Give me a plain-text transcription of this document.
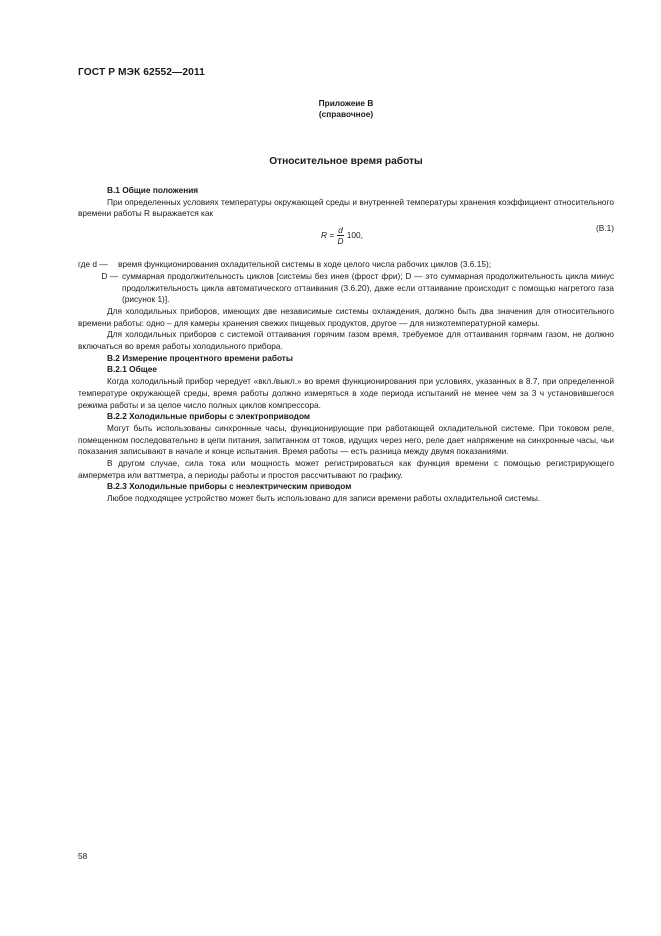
ГОСТ Р МЭК 62552—2011
Приложеие В
(справочное)
Относительное время работы

В.1 Общие положения

При определенных условиях температуры окружающей среды и внутренней температуры хранения коэффициент относительного времени работы R выражается как

$R = \frac{d}{D} 100$,
(В.1)
где d —	время функционирования охладительной системы в ходе целого числа рабочих циклов (3.6.15);
D — суммарная продолжительность циклов [системы без инея (фрост фри); D — это суммарная продолжительность цикла минус продолжительность цикла автоматического оттаивания (3.6.20), даже если оттаивание происходит с помощью нагретого газа (рисунок 1)].

Для холодильных приборов, имеющих две независимые системы охлаждения, должно быть два значения для относительного времени работы: одно – для камеры хранения свежих пищевых продуктов, другое — для низкотемпературной камеры.

Для холодильных приборов с системой оттаивания горячим газом время, требуемое для оттаивания горячим газом, не должно включаться во время работы холодильного прибора.

В.2 Измерение процентного времени работы

В.2.1 Общее

Когда холодильный прибор чередует «вкл./выкл.» во время функционирования при условиях, указанных в 8.7, при определенной температуре окружающей среды, время работы должно измеряться в ходе периода испытаний не менее чем за 3 ч установившегося режима работы и за целое число полных циклов компрессора.

В.2.2 Холодильные приборы с электроприводом

Могут быть использованы синхронные часы, функционирующие при работающей охладительной системе. При токовом реле, помещенном последовательно в цепи питания, запитанном от токов, идущих через него, реле дает напряжение на синхронные часы, чьи показания записывают в начале и конце испытания. Время работы — есть разница между двумя показаниями.

В другом случае, сила тока или мощность может регистрироваться как функция времени с помощью регистрирующего амперметра или ваттметра, а периоды работы и простоя рассчитывают по графику.

В.2.3 Холодильные приборы с неэлектрическим приводом

Любое подходящее устройство может быть использовано для записи времени работы охладительной системы.

58
